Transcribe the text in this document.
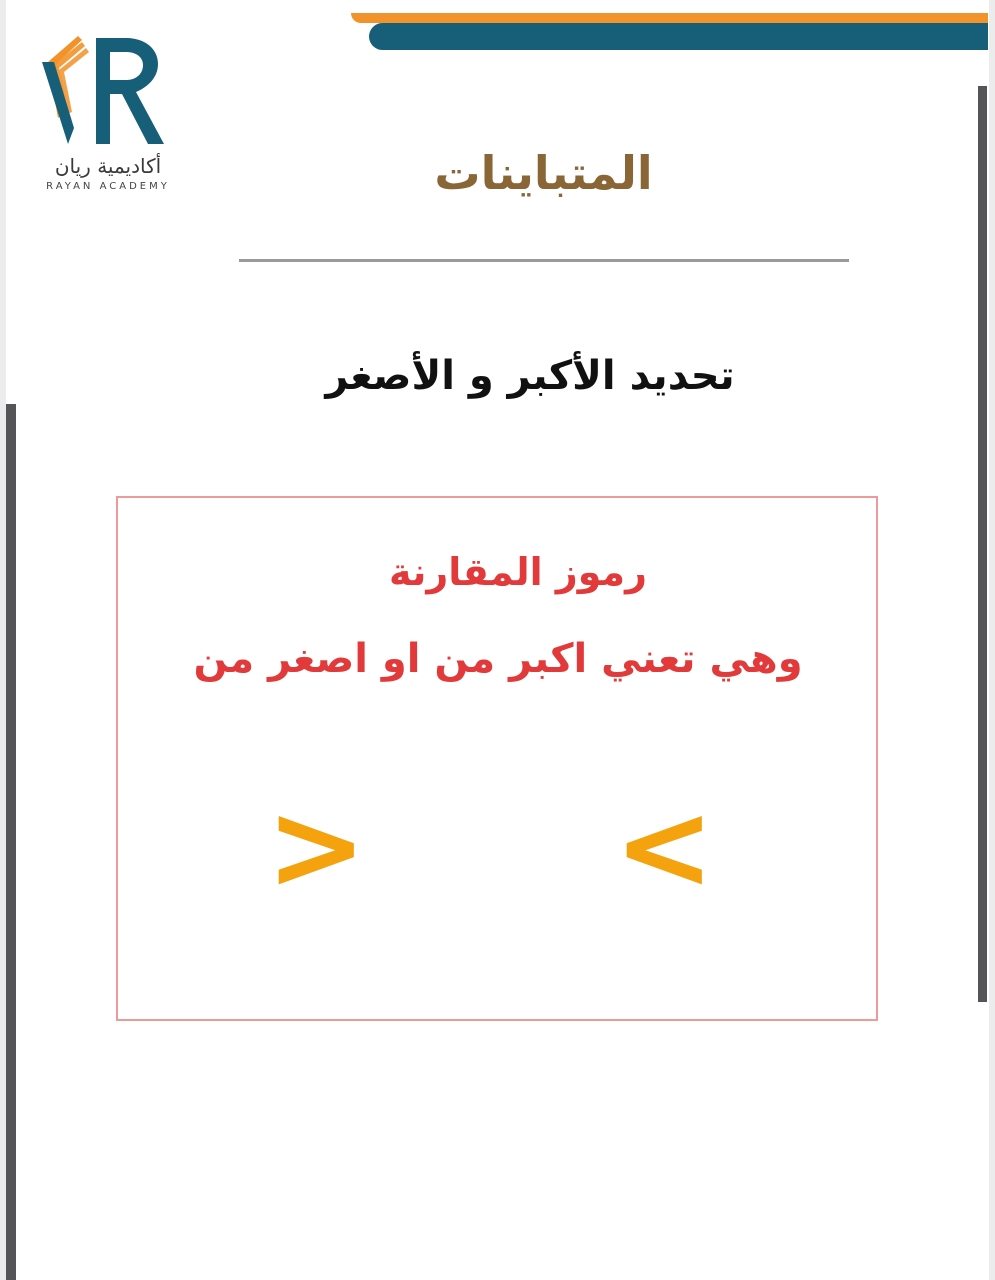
أكاديمية ريان
RAYAN ACADEMY	المتباينات
تحديد الأكبر و الأصغر
رموز المقارنة
وهي تعني اكبر من او اصغر من
> <
